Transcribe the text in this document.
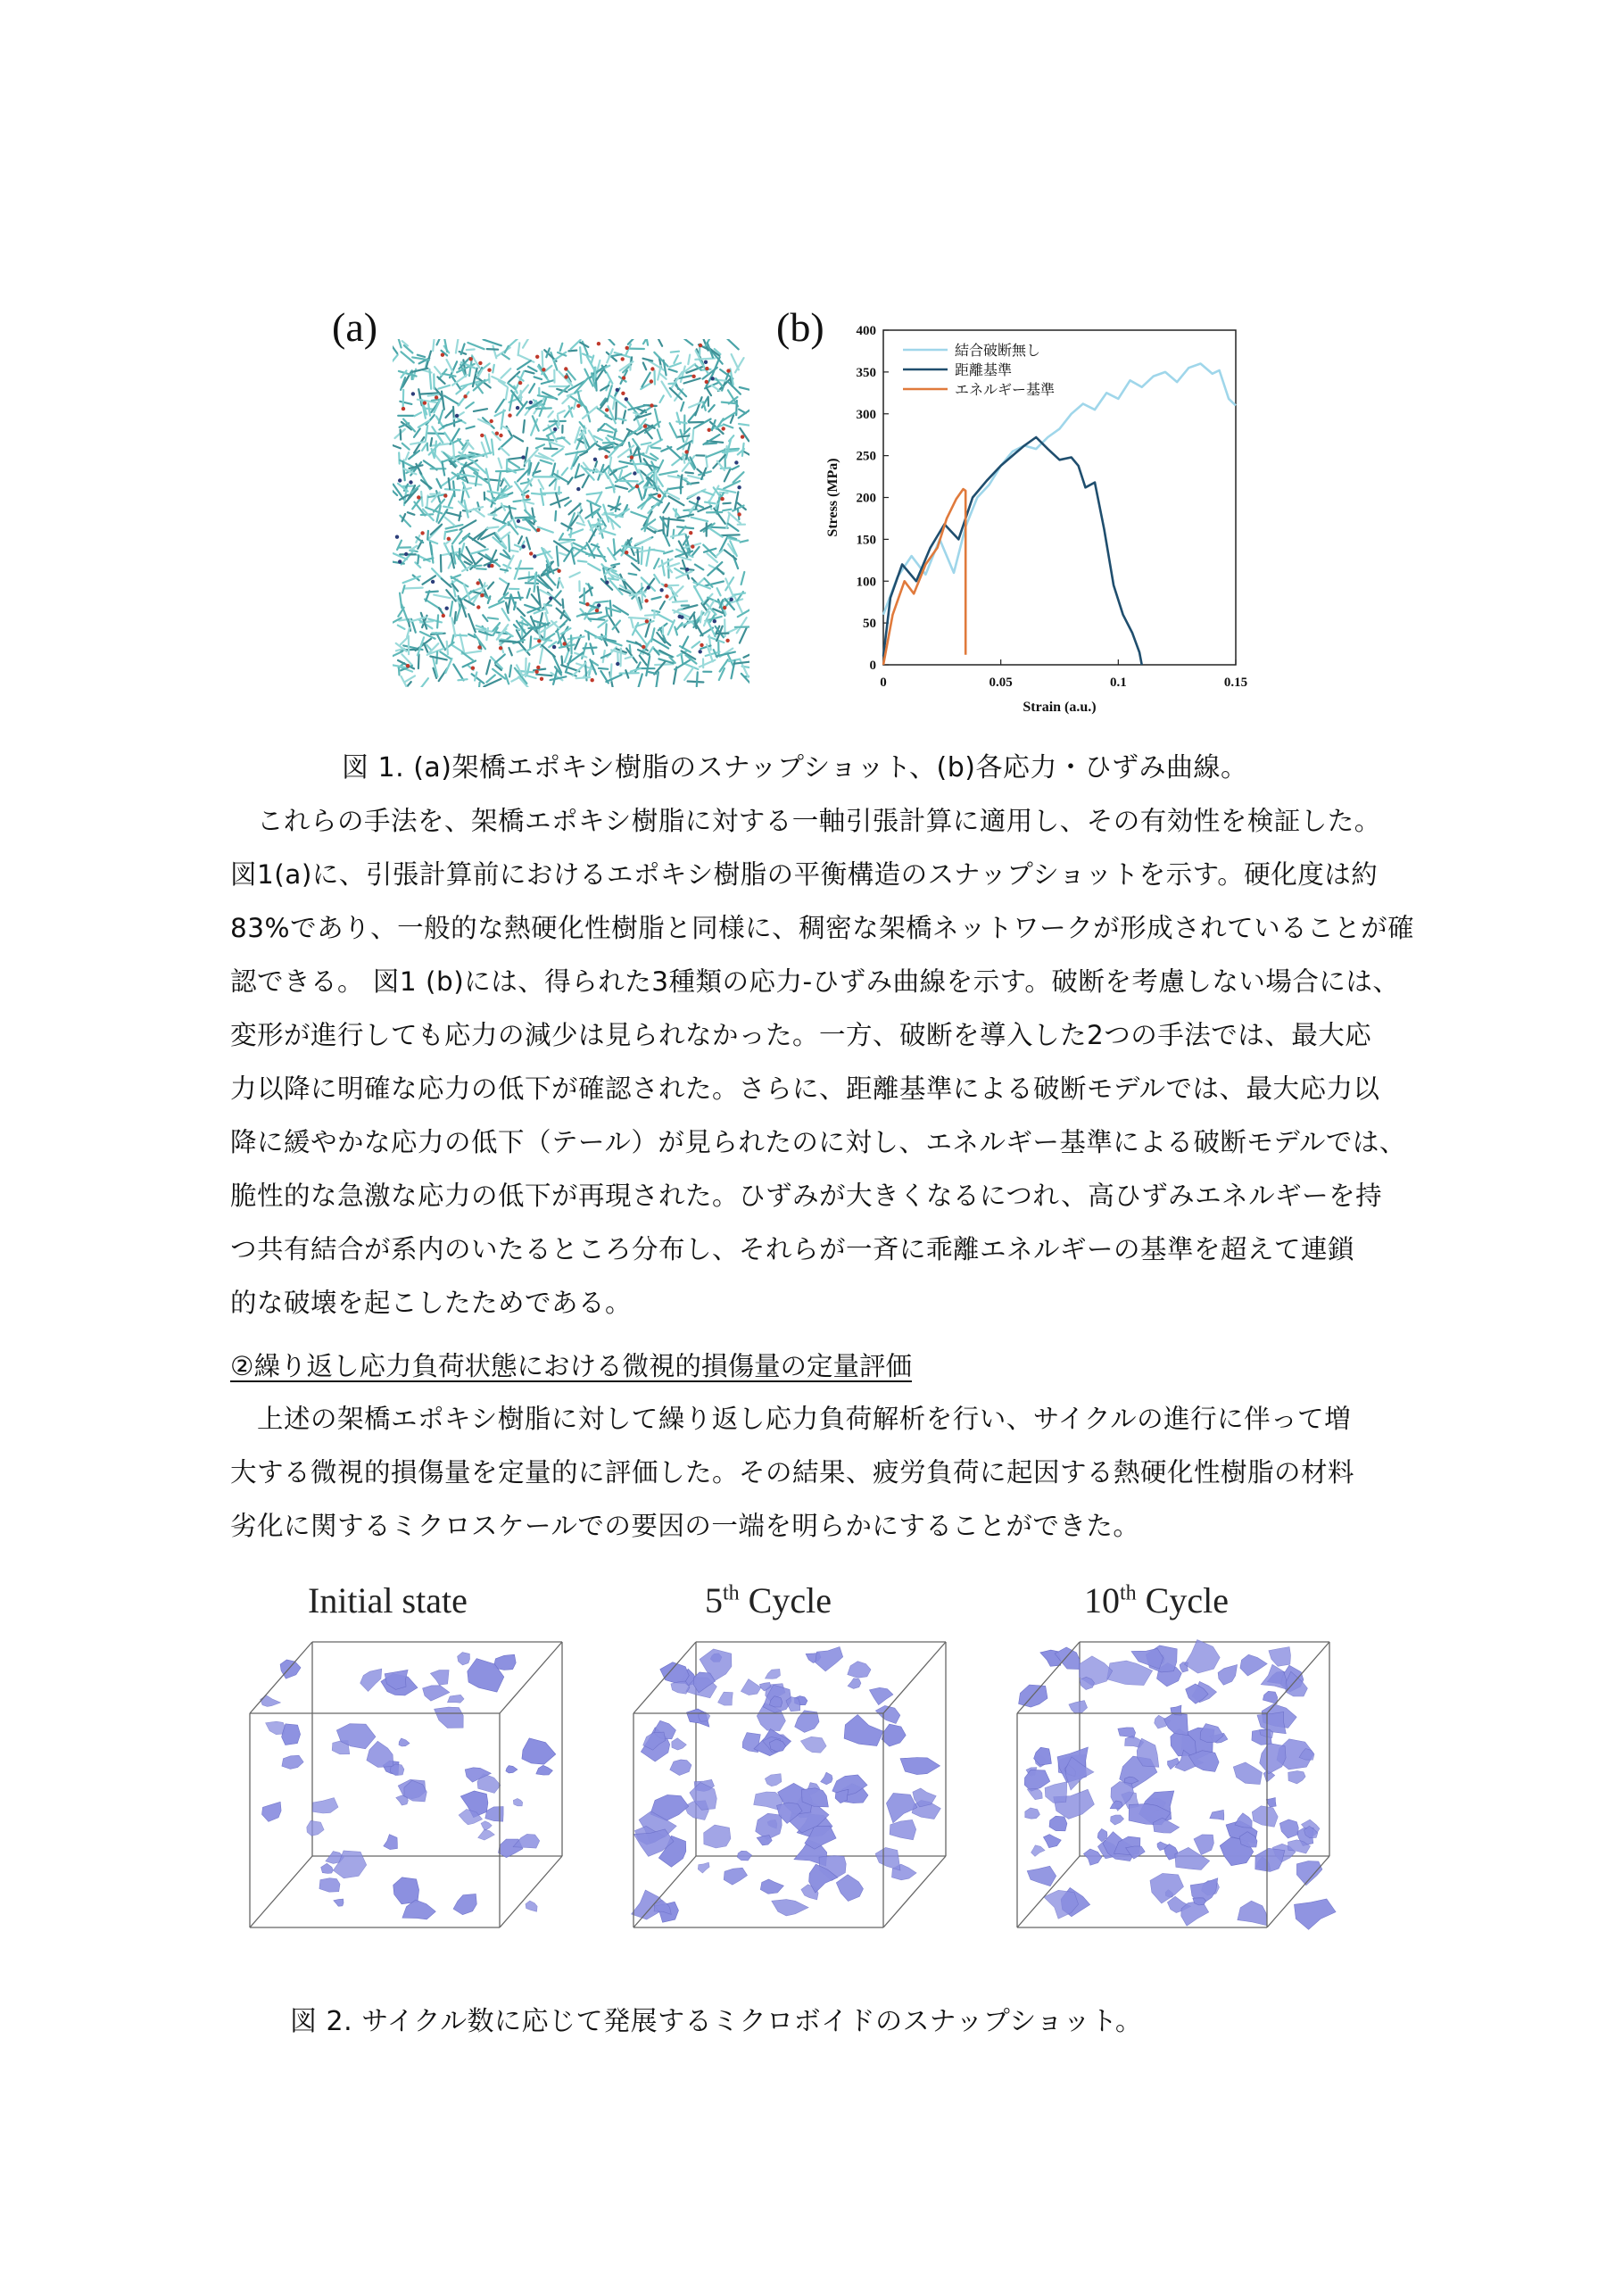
(a)	(b)
0
50
100
150
200
250
300
350
400
0	0.05	0.1	0.15
Strain (a.u.)
Stress (MPa)
結合破断無し
距離基準
エネルギー基準
図 1. (a)架橋エポキシ樹脂のスナップショット、(b)各応力・ひずみ曲線。

　これらの手法を、架橋エポキシ樹脂に対する一軸引張計算に適用し、その有効性を検証した。

図1(a)に、引張計算前におけるエポキシ樹脂の平衡構造のスナップショットを示す。硬化度は約

83%であり、一般的な熱硬化性樹脂と同様に、稠密な架橋ネットワークが形成されていることが確

認できる。 図1 (b)には、得られた3種類の応力-ひずみ曲線を示す。破断を考慮しない場合には、

変形が進行しても応力の減少は見られなかった。一方、破断を導入した2つの手法では、最大応

力以降に明確な応力の低下が確認された。さらに、距離基準による破断モデルでは、最大応力以

降に緩やかな応力の低下（テール）が見られたのに対し、エネルギー基準による破断モデルでは、

脆性的な急激な応力の低下が再現された。ひずみが大きくなるにつれ、高ひずみエネルギーを持

つ共有結合が系内のいたるところ分布し、それらが一斉に乖離エネルギーの基準を超えて連鎖

的な破壊を起こしたためである。

②繰り返し応力負荷状態における微視的損傷量の定量評価

　上述の架橋エポキシ樹脂に対して繰り返し応力負荷解析を行い、サイクルの進行に伴って増

大する微視的損傷量を定量的に評価した。その結果、疲労負荷に起因する熱硬化性樹脂の材料

劣化に関するミクロスケールでの要因の一端を明らかにすることができた。

Initial state	5th Cycle	10th Cycle
図 2. サイクル数に応じて発展するミクロボイドのスナップショット。
